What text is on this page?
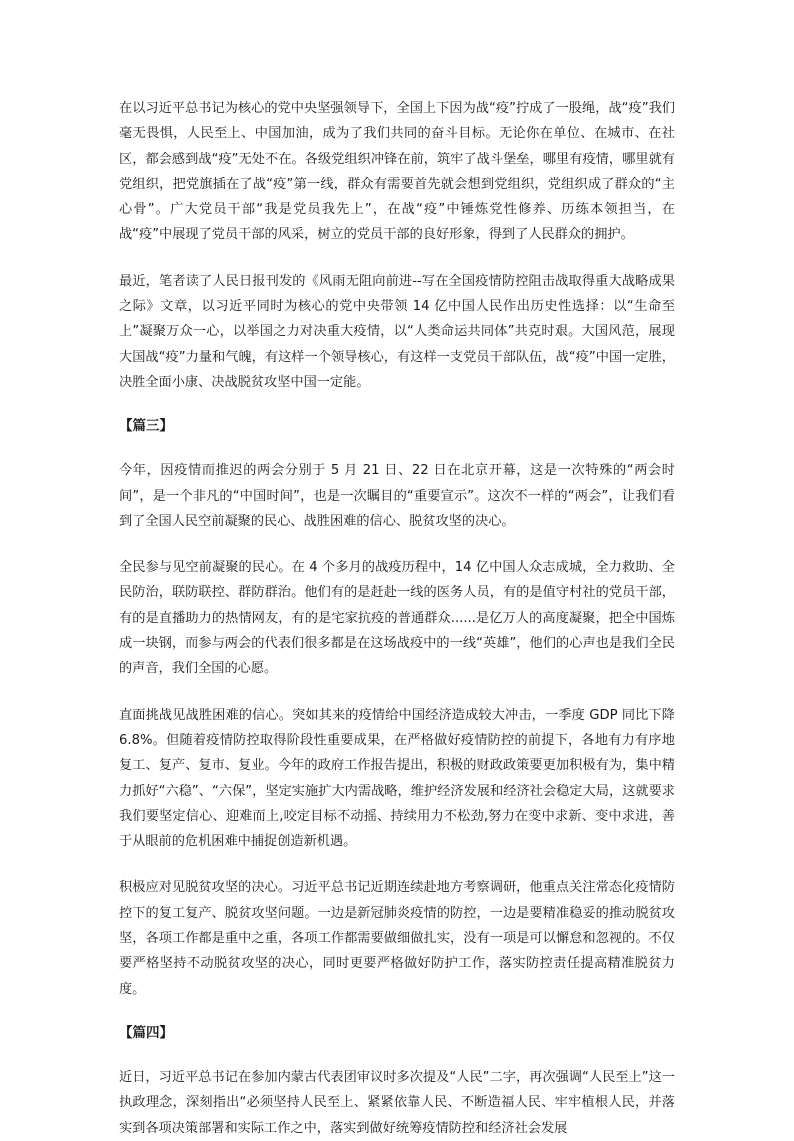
在以习近平总书记为核心的党中央坚强领导下，全国上下因为战“疫”拧成了一股绳，战“疫”我们毫无畏惧，人民至上、中国加油，成为了我们共同的奋斗目标。无论你在单位、在城市、在社区，都会感到战“疫”无处不在。各级党组织冲锋在前，筑牢了战斗堡垒，哪里有疫情，哪里就有党组织，把党旗插在了战“疫”第一线，群众有需要首先就会想到党组织，党组织成了群众的“主心骨”。广大党员干部“我是党员我先上”，在战“疫”中锤炼党性修养、历练本领担当，在战“疫”中展现了党员干部的风采，树立的党员干部的良好形象，得到了人民群众的拥护。

最近，笔者读了人民日报刊发的《风雨无阻向前进--写在全国疫情防控阻击战取得重大战略成果之际》文章，以习近平同时为核心的党中央带领 14 亿中国人民作出历史性选择：以“生命至上”凝聚万众一心，以举国之力对决重大疫情，以“人类命运共同体”共克时艰。大国风范，展现大国战“疫”力量和气魄，有这样一个领导核心，有这样一支党员干部队伍，战“疫”中国一定胜，决胜全面小康、决战脱贫攻坚中国一定能。

【篇三】

今年，因疫情而推迟的两会分别于 5 月 21 日、22 日在北京开幕，这是一次特殊的“两会时间”，是一个非凡的“中国时间”，也是一次瞩目的“重要宣示”。这次不一样的“两会”，让我们看到了全国人民空前凝聚的民心、战胜困难的信心、脱贫攻坚的决心。

全民参与见空前凝聚的民心。在 4 个多月的战疫历程中，14 亿中国人众志成城，全力救助、全民防治，联防联控、群防群治。他们有的是赶赴一线的医务人员，有的是值守村社的党员干部，有的是直播助力的热情网友，有的是宅家抗疫的普通群众......是亿万人的高度凝聚，把全中国炼成一块钢，而参与两会的代表们很多都是在这场战疫中的一线“英雄”，他们的心声也是我们全民的声音，我们全国的心愿。

直面挑战见战胜困难的信心。突如其来的疫情给中国经济造成较大冲击，一季度 GDP 同比下降 6.8%。但随着疫情防控取得阶段性重要成果，在严格做好疫情防控的前提下，各地有力有序地复工、复产、复市、复业。今年的政府工作报告提出，积极的财政政策要更加积极有为，集中精力抓好“六稳”、“六保”，坚定实施扩大内需战略，维护经济发展和经济社会稳定大局，这就要求我们要坚定信心、迎难而上,咬定目标不动摇、持续用力不松劲,努力在变中求新、变中求进，善于从眼前的危机困难中捕捉创造新机遇。

积极应对见脱贫攻坚的决心。习近平总书记近期连续赴地方考察调研，他重点关注常态化疫情防控下的复工复产、脱贫攻坚问题。一边是新冠肺炎疫情的防控，一边是要精准稳妥的推动脱贫攻坚，各项工作都是重中之重，各项工作都需要做细做扎实，没有一项是可以懈怠和忽视的。不仅要严格坚持不动脱贫攻坚的决心，同时更要严格做好防护工作，落实防控责任提高精准脱贫力度。

【篇四】

近日，习近平总书记在参加内蒙古代表团审议时多次提及“人民”二字，再次强调“人民至上”这一执政理念，深刻指出“必须坚持人民至上、紧紧依靠人民、不断造福人民、牢牢植根人民，并落实到各项决策部署和实际工作之中，落实到做好统筹疫情防控和经济社会发展
